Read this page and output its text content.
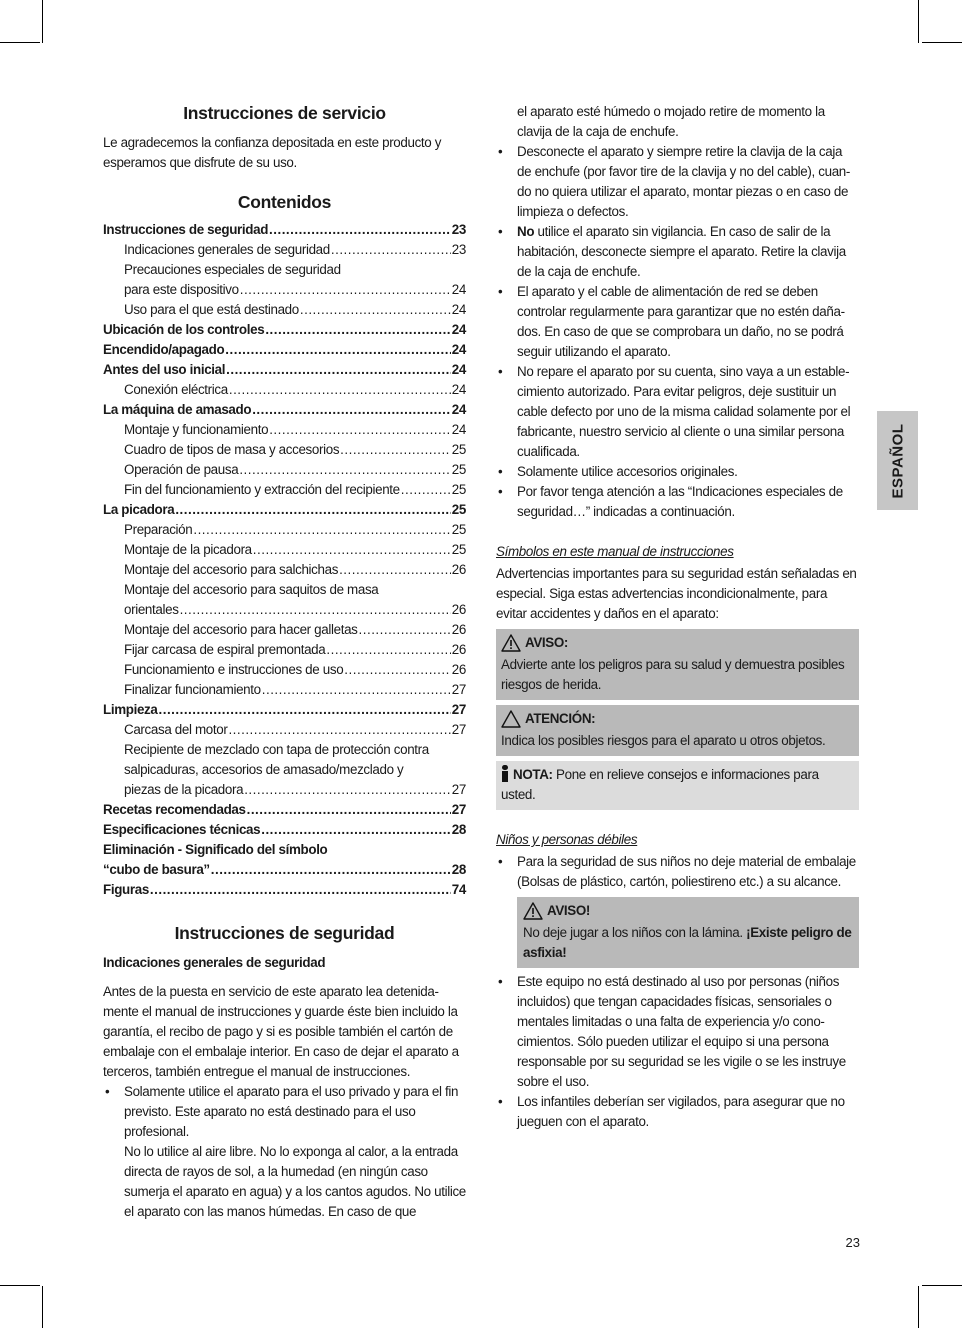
Instrucciones de servicio

Le agradecemos la confianza depositada en este producto y esperamos que disfrute de su uso.

Contenidos
Instrucciones de seguridad .....	23
Indicaciones generales de seguridad .....	23
Precauciones especiales de seguridad
para este dispositivo .....	24
Uso para el que está destinado .....	24
Ubicación de los controles .....	24
Encendido/apagado .....	24
Antes del uso inicial .....	24
Conexión eléctrica .....	24
La máquina de amasado .....	24
Montaje y funcionamiento .....	24
Cuadro de tipos de masa y accesorios .....	25
Operación de pausa .....	25
Fin del funcionamiento y extracción del recipiente .....	25
La picadora .....	25
Preparación .....	25
Montaje de la picadora .....	25
Montaje del accesorio para salchichas .....	26
Montaje del accesorio para saquitos de masa
orientales .....	26
Montaje del accesorio para hacer galletas .....	26
Fijar carcasa de espiral premontada .....	26
Funcionamiento e instrucciones de uso .....	26
Finalizar funcionamiento .....	27
Limpieza .....	27
Carcasa del motor .....	27
Recipiente de mezclado con tapa de protección contra
salpicaduras, accesorios de amasado/mezclado y
piezas de la picadora .....	27
Recetas recomendadas .....	27
Especificaciones técnicas .....	28
Eliminación - Significado del símbolo
“cubo de basura” .....	28
Figuras .....	74
Instrucciones de seguridad
Indicaciones generales de seguridad

Antes de la puesta en servicio de este aparato lea detenida-mente el manual de instrucciones y guarde éste bien incluido la garantía, el recibo de pago y si es posible también el cartón de embalaje con el embalaje interior. En caso de dejar el aparato a terceros, también entregue el manual de instrucciones.

• Solamente utilice el aparato para el uso privado y para el fin previsto. Este aparato no está destinado para el uso profesional.
No lo utilice al aire libre. No lo exponga al calor, a la entrada directa de rayos de sol, a la humedad (en ningún caso sumerja el aparato en agua) y a los cantos agudos. No utilice el aparato con las manos húmedas. En caso de que
el aparato esté húmedo o mojado retire de momento la clavija de la caja de enchufe.
• Desconecte el aparato y siempre retire la clavija de la caja de enchufe (por favor tire de la clavija y no del cable), cuan-do no quiera utilizar el aparato, montar piezas o en caso de limpieza o defectos.
• No utilice el aparato sin vigilancia. En caso de salir de la habitación, desconecte siempre el aparato. Retire la clavija de la caja de enchufe.
• El aparato y el cable de alimentación de red se deben controlar regularmente para garantizar que no estén daña-dos. En caso de que se comprobara un daño, no se podrá seguir utilizando el aparato.
• No repare el aparato por su cuenta, sino vaya a un estable-cimiento autorizado. Para evitar peligros, deje sustituir un cable defecto por uno de la misma calidad solamente por el fabricante, nuestro servicio al cliente o una similar persona cualificada.
• Solamente utilice accesorios originales.
• Por favor tenga atención a las “Indicaciones especiales de seguridad…” indicadas a continuación.
Símbolos en este manual de instrucciones

Advertencias importantes para su seguridad están señaladas en especial. Siga estas advertencias incondicionalmente, para evitar accidentes y daños en el aparato:

AVISO:
Advierte ante los peligros para su salud y demuestra posibles riesgos de herida.
ATENCIÓN:
Indica los posibles riesgos para el aparato u otros objetos.
NOTA: Pone en relieve consejos e informaciones para usted.
Niños y personas débiles
• Para la seguridad de sus niños no deje material de embalaje (Bolsas de plástico, cartón, poliestireno etc.) a su alcance.
AVISO!
No deje jugar a los niños con la lámina. ¡Existe peligro de asfixia!
• Este equipo no está destinado al uso por personas (niños incluidos) que tengan capacidades físicas, sensoriales o mentales limitadas o una falta de experiencia y/o cono-cimientos. Sólo pueden utilizar el equipo si una persona responsable por su seguridad se les vigile o se les instruye sobre el uso.
• Los infantiles deberían ser vigilados, para asegurar que no jueguen con el aparato.
ESPAÑOL
23
